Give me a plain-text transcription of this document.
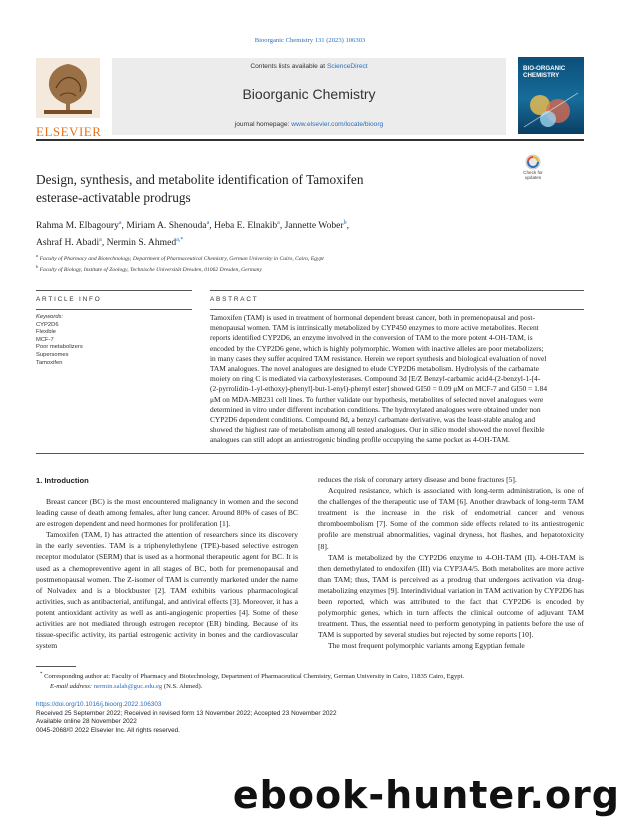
Bioorganic Chemistry 131 (2023) 106303
ELSEVIER
Contents lists available at ScienceDirect
Bioorganic Chemistry
journal homepage: www.elsevier.com/locate/bioorg
BIO-ORGANIC
CHEMISTRY
Check for
updates
Design, synthesis, and metabolite identification of Tamoxifen
esterase-activatable prodrugs
Rahma M. Elbagoury$^a$, Miriam A. Shenouda$^a$, Heba E. Elnakib$^a$, Jannette Wober$^b$,
Ashraf H. Abadi$^a$, Nermin S. Ahmed$^{a,*}$
$^a$ Faculty of Pharmacy and Biotechnology, Department of Pharmaceutical Chemistry, German University in Cairo, Cairo, Egypt
$^b$ Faculty of Biology, Institute of Zoology, Technische Universität Dresden, 01062 Dresden, Germany
ARTICLE INFO
Keywords:
CYP2D6
Flexible
MCF-7
Poor metabolizers
Supersomes
Tamoxifen
ABSTRACT
Tamoxifen (TAM) is used in treatment of hormonal dependent breast cancer, both in premenopausal and post-
menopausal women. TAM is intrinsically metabolized by CYP450 enzymes to more active metabolites. Recent
reports identified CYP2D6, an enzyme involved in the conversion of TAM to the more potent 4-OH-TAM, is
encoded by the CYP2D6 gene, which is highly polymorphic. Women with inactive alleles are poor metabolizers;
in many cases they suffer acquired TAM resistance. Herein we report synthesis and biological evaluation of novel
TAM analogues. The novel analogues are designed to elude CYP2D6 metabolism. Hydrolysis of the carbamate
moiety on ring C is mediated via carboxylesterases. Compound 3d [E/Z Benzyl-carbamic acid4-(2-benzyl-1-[4-
(2-pyrrolidin-1-yl-ethoxy)-phenyl]-but-1-enyl)-phenyl ester] showed GI50 = 0.09 μM on MCF-7 and GI50 = 1.84
μM on MDA-MB231 cell lines. To further validate our hypothesis, metabolites of selected novel analogues were
determined in vitro under different incubation conditions. The hydroxylated analogues were obtained under non
CYP2D6 dependent conditions. Compound 8d, a benzyl carbamate derivative, was the least-stable analog and
showed the highest rate of metabolism among all tested analogues. Our in silico model showed the novel flexible
analogues can still adopt an antiestrogenic binding profile occupying the same pocket as 4-OH-TAM.
1. Introduction

Breast cancer (BC) is the most encountered malignancy in women and the second leading cause of death among females, after lung cancer. Around 80% of cases of BC are estrogen dependent and need hormones for proliferation [1].

Tamoxifen (TAM, I) has attracted the attention of researchers since its discovery in the early seventies. TAM is a triphenylethylene (TPE)-based selective estrogen receptor modulator (SERM) that is used as a hormonal therapeutic agent for BC. It is used as a chemopreventive agent in all stages of BC, both for premenopausal and postmenopausal women. The Z-isomer of TAM is currently marketed under the name of Nolvadex and is a blockbuster [2]. TAM exhibits various pharmacological activities, such as antibacterial, antifungal, and antiviral effects [3]. Moreover, it has a potent antioxidant activity as well as anti-angiogenic properties [4]. Some of these activities are not mediated through estrogen receptor (ER) binding. Because of its tissue-specific activity, its partial estrogenic activity in bones and the cardiovascular system

reduces the risk of coronary artery disease and bone fractures [5].

Acquired resistance, which is associated with long-term administration, is one of the challenges of the therapeutic use of TAM [6]. Another drawback of long-term TAM treatment is the increase in the risk of endometrial cancer and venous thromboembolism [7]. Some of the common side effects related to its antiestrogenic profile are menstrual abnormalities, vaginal dryness, hot flashes, and hepatotoxicity [8].

TAM is metabolized by the CYP2D6 enzyme to 4-OH-TAM (II). 4-OH-TAM is then demethylated to endoxifen (III) via CYP3A4/5. Both metabolites are more active than TAM; thus, TAM is perceived as a prodrug that undergoes activation via drug-metabolizing enzymes [9]. Interindividual variation in TAM activation by CYP2D6 has been reported, which was attributed to the fact that CYP2D6 is encoded by polymorphic genes, which in turn affects the clinical outcome of adjuvant TAM treatment. Thus, the essential need to perform genotyping in patients before the use of TAM is supported by several studies but rejected by some reports [10].

The most frequent polymorphic variants among Egyptian female

* Corresponding author at: Faculty of Pharmacy and Biotechnology, Department of Pharmaceutical Chemistry, German University in Cairo, 11835 Cairo, Egypt.
E-mail address: nermin.salah@guc.edu.eg (N.S. Ahmed).
https://doi.org/10.1016/j.bioorg.2022.106303
Received 25 September 2022; Received in revised form 13 November 2022; Accepted 23 November 2022
Available online 28 November 2022
0045-2068/© 2022 Elsevier Inc. All rights reserved.
ebook-hunter.org
